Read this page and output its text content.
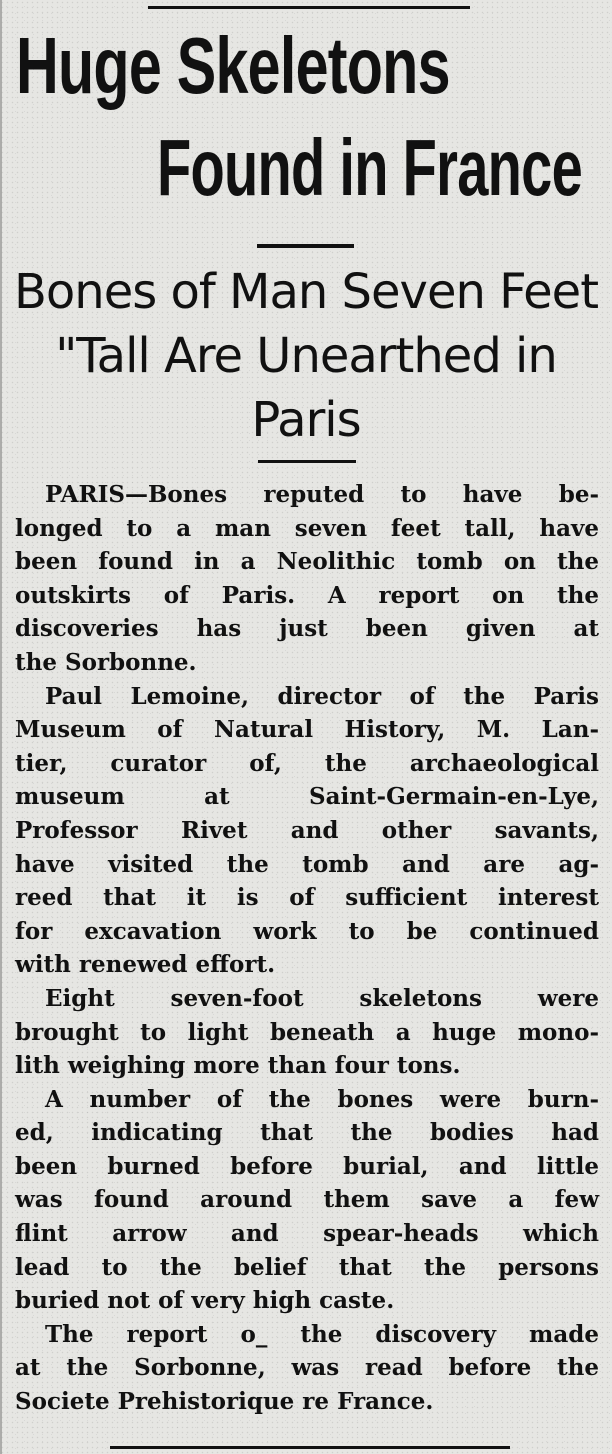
Huge Skeletons
Found in France
Bones of Man Seven Feet "Tall Are Unearthed in Paris

PARIS—Bones reputed to have be-

longed to a man seven feet tall, have

been found in a Neolithic tomb on the

outskirts of Paris. A report on the

discoveries has just been given at

the Sorbonne.

Paul Lemoine, director of the Paris

Museum of Natural History, M. Lan-

tier, curator of, the archaeological

museum at Saint-Germain-en-Lye,

Professor Rivet and other savants,

have visited the tomb and are ag-

reed that it is of sufficient interest

for excavation work to be continued

with renewed effort.

Eight seven-foot skeletons were

brought to light beneath a huge mono-

lith weighing more than four tons.

A number of the bones were burn-

ed, indicating that the bodies had

been burned before burial, and little

was found around them save a few

flint arrow and spear-heads which

lead to the belief that the persons

buried not of very high caste.

The report o_ the discovery made

at the Sorbonne, was read before the

Societe Prehistorique re France.
